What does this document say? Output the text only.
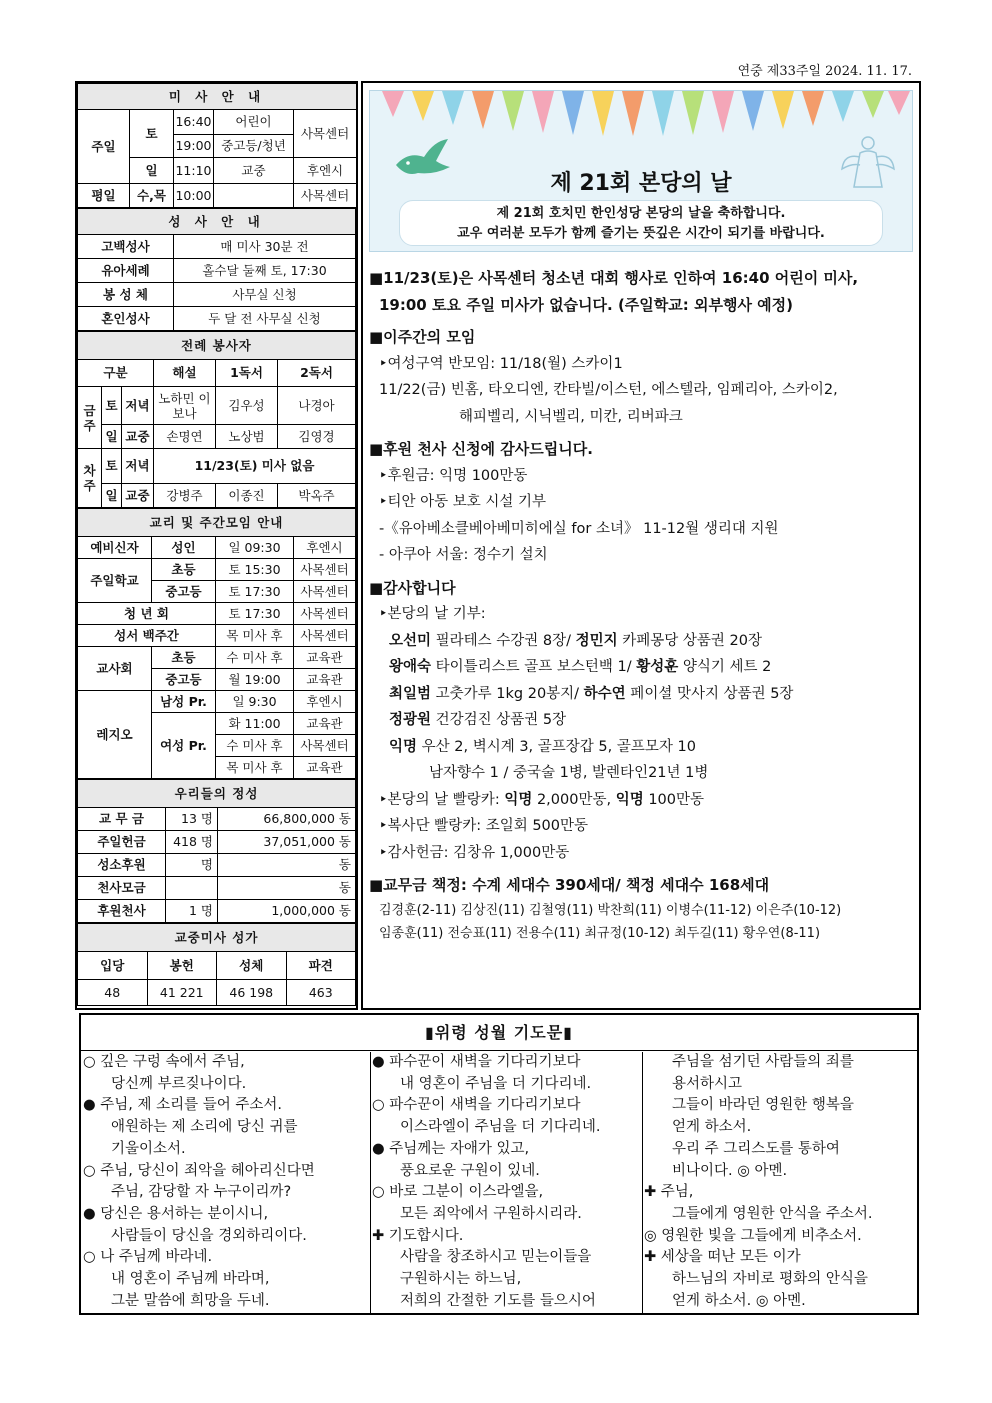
연중 제33주일 2024. 11. 17.
미 사 안 내				
주일	토	16:40	어린이	사목센터
		19:00	중고등/청년	
	일	11:10	교중	후엔시
평일	수,목	10:00		사목센터
성 사 안 내	
고백성사	매 미사 30분 전
유아세례	홀수달 둘째 토, 17:30
봉 성 체	사무실 신청
혼인성사	두 달 전 사무실 신청
전례 봉사자					
구분			해설	1독서	2독서
금주	토	저녁	노하민 이보나	김우성	나경아
	일	교중	손명연	노상범	김영경
차주	토	저녁	11/23(토) 미사 없음		
	일	교중	강병주	이종진	박옥주
교리 및 주간모임 안내			
예비신자	성인	일 09:30	후엔시
주일학교	초등	토 15:30	사목센터
	중고등	토 17:30	사목센터
청 년 회		토 17:30	사목센터
성서 백주간		목 미사 후	사목센터
교사회	초등	수 미사 후	교육관
	중고등	월 19:00	교육관
레지오	남성 Pr.	일 9:30	후엔시
	여성 Pr.	화 11:00	교육관
		수 미사 후	사목센터
		목 미사 후	교육관
우리들의 정성		
교 무 금	13 명	66,800,000 동
주일헌금	418 명	37,051,000 동
성소후원	명	동
천사모금		동
후원천사	1 명	1,000,000 동
교중미사 성가			
입당	봉헌	성체	파견
48	41 221	46 198	463
제 21회 본당의 날
제 21회 호치민 한인성당 본당의 날을 축하합니다.
교우 여러분 모두가 함께 즐기는 뜻깊은 시간이 되기를 바랍니다.
■11/23(토)은 사목센터 청소년 대회 행사로 인하여 16:40 어린이 미사,
19:00 토요 주일 미사가 없습니다. (주일학교: 외부행사 예정)
■이주간의 모임
‣여성구역 반모임: 11/18(월) 스카이1
11/22(금) 빈홈, 타오디엔, 칸타빌/이스턴, 에스텔라, 임페리아, 스카이2,
해피벨리, 시닉벨리, 미칸, 리버파크
■후원 천사 신청에 감사드립니다.
‣후원금: 익명 100만동
‣티안 아동 보호 시설 기부
-《유아베소클베아베미히에실 for 소녀》 11-12월 생리대 지원
- 아쿠아 서울: 정수기 설치
■감사합니다
‣본당의 날 기부:
오선미 필라테스 수강권 8장/ 정민지 카페몽당 상품권 20장
왕애숙 타이틀리스트 골프 보스턴백 1/ 황성훈 양식기 세트 2
최일범 고춧가루 1kg 20봉지/ 하수연 페이셜 맛사지 상품권 5장
정광원 건강검진 상품권 5장
익명 우산 2, 벽시계 3, 골프장갑 5, 골프모자 10
남자향수 1 / 중국술 1병, 발렌타인21년 1병
‣본당의 날 빨랑카: 익명 2,000만동, 익명 100만동
‣복사단 빨랑카: 조일회 500만동
‣감사헌금: 김창유 1,000만동
■교무금 책정: 수계 세대수 390세대/ 책정 세대수 168세대
김경훈(2-11) 김상진(11) 김철영(11) 박찬희(11) 이병수(11-12) 이은주(10-12)
임종훈(11) 전승표(11) 전용수(11) 최규정(10-12) 최두길(11) 황우연(8-11)
▮위령 성월 기도문▮
○ 깊은 구렁 속에서 주님,
당신께 부르짖나이다.
● 주님, 제 소리를 들어 주소서.
애원하는 제 소리에 당신 귀를
기울이소서.
○ 주님, 당신이 죄악을 헤아리신다면
주님, 감당할 자 누구이리까?
● 당신은 용서하는 분이시니,
사람들이 당신을 경외하리이다.
○ 나 주님께 바라네.
내 영혼이 주님께 바라며,
그분 말씀에 희망을 두네.
● 파수꾼이 새벽을 기다리기보다
내 영혼이 주님을 더 기다리네.
○ 파수꾼이 새벽을 기다리기보다
이스라엘이 주님을 더 기다리네.
● 주님께는 자애가 있고,
풍요로운 구원이 있네.
○ 바로 그분이 이스라엘을,
모든 죄악에서 구원하시리라.
✚ 기도합시다.
사람을 창조하시고 믿는이들을
구원하시는 하느님,
저희의 간절한 기도를 들으시어
주님을 섬기던 사람들의 죄를
용서하시고
그들이 바라던 영원한 행복을
얻게 하소서.
우리 주 그리스도를 통하여
비나이다. ◎ 아멘.
✚ 주님,
그들에게 영원한 안식을 주소서.
◎ 영원한 빛을 그들에게 비추소서.
✚ 세상을 떠난 모든 이가
하느님의 자비로 평화의 안식을
얻게 하소서. ◎ 아멘.
